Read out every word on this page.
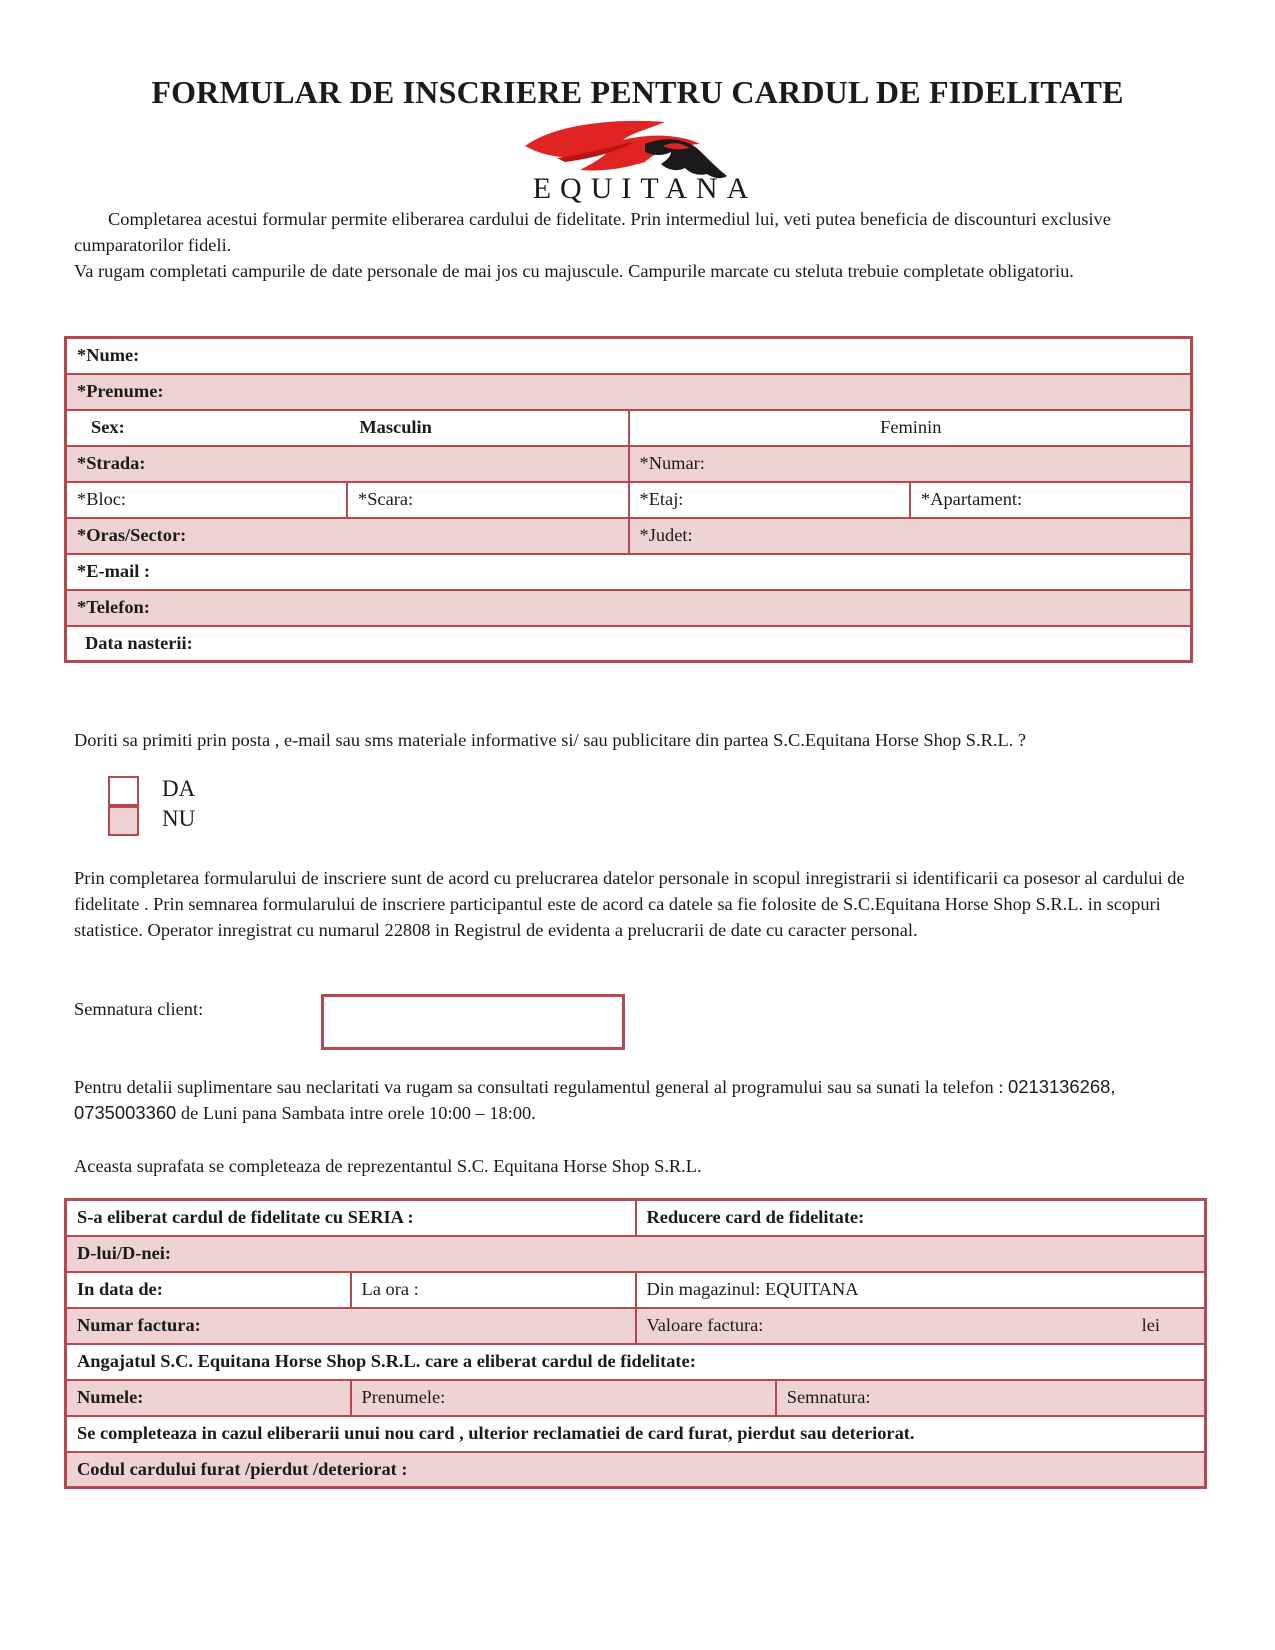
FORMULAR DE INSCRIERE PENTRU CARDUL DE FIDELITATE
EQUITANA
Completarea acestui formular permite eliberarea cardului de fidelitate. Prin intermediul lui, veti putea beneficia de discounturi exclusive cumparatorilor fideli.
Va rugam completati campurile de date personale de mai jos cu majuscule. Campurile marcate cu steluta trebuie completate obligatoriu.
*Nume:			
*Prenume:			
Sex: Masculin		Feminin	
*Strada:		*Numar:	
*Bloc:	*Scara:	*Etaj:	*Apartament:
*Oras/Sector:		*Judet:	
*E-mail :			
*Telefon:			
Data nasterii:			
Doriti sa primiti prin posta , e-mail sau sms materiale informative si/ sau publicitare din partea S.C.Equitana Horse Shop S.R.L. ?
DA
NU
Prin completarea formularului de inscriere sunt de acord cu prelucrarea datelor personale in scopul inregistrarii si identificarii ca posesor al cardului de fidelitate . Prin semnarea formularului de inscriere participantul este de acord ca datele sa fie folosite de S.C.Equitana Horse Shop S.R.L. in scopuri statistice. Operator inregistrat cu numarul 22808 in Registrul de evidenta a prelucrarii de date cu caracter personal.
Semnatura client:
Pentru detalii suplimentare sau neclaritati va rugam sa consultati regulamentul general al programului sau sa sunati la telefon : 0213136268, 0735003360 de Luni pana Sambata intre orele 10:00 – 18:00.
Aceasta suprafata se completeaza de reprezentantul S.C. Equitana Horse Shop S.R.L.
S-a eliberat cardul de fidelitate cu SERIA :		Reducere card de fidelitate:	
D-lui/D-nei:			
In data de:	La ora :	Din magazinul: EQUITANA	
Numar factura:		Valoare factura: lei	

Angajatul S.C. Equitana Horse Shop S.R.L. care a eliberat cardul de fidelitate:			
Numele:	Prenumele:		Semnatura:
Se completeaza in cazul eliberarii unui nou card , ulterior reclamatiei de card furat, pierdut sau deteriorat.			
Codul cardului furat /pierdut /deteriorat :			
